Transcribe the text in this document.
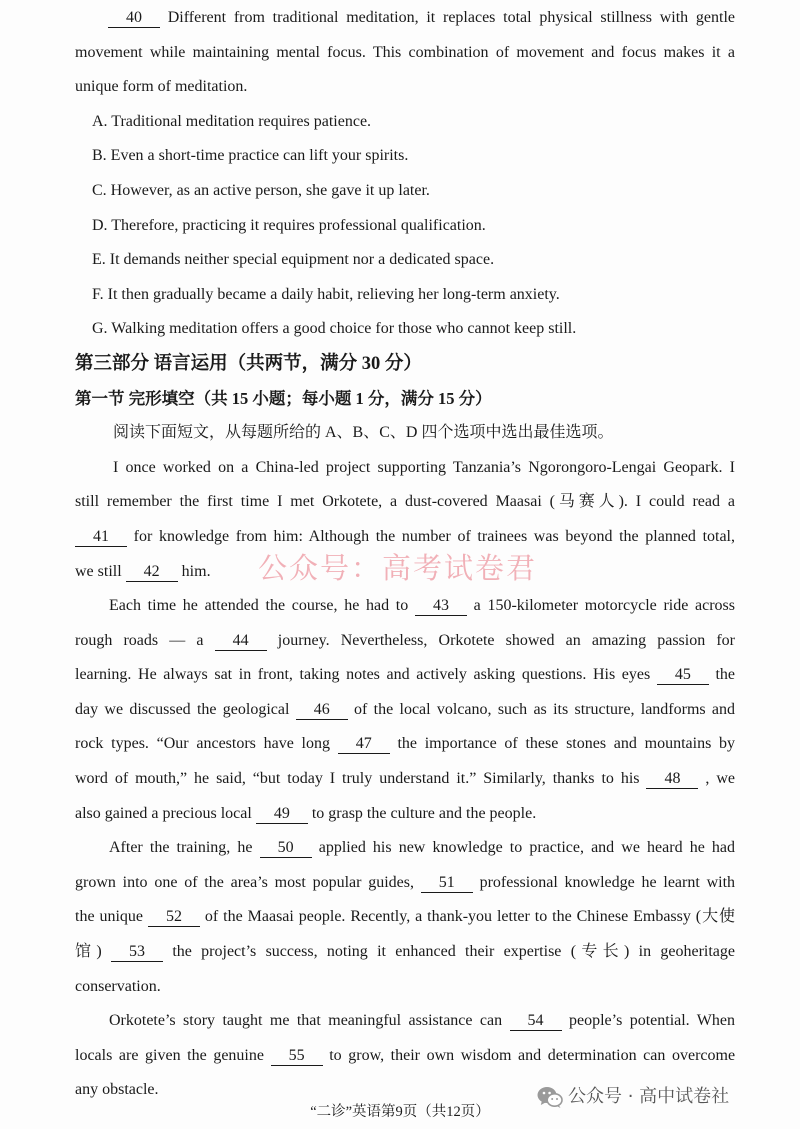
40 Different from traditional meditation, it replaces total physical stillness with gentle
movement while maintaining mental focus. This combination of movement and focus makes it a
unique form of meditation.
A. Traditional meditation requires patience.
B. Even a short-time practice can lift your spirits.
C. However, as an active person, she gave it up later.
D. Therefore, practicing it requires professional qualification.
E. It demands neither special equipment nor a dedicated space.
F. It then gradually became a daily habit, relieving her long-term anxiety.
G. Walking meditation offers a good choice for those who cannot keep still.
第三部分 语言运用（共两节，满分 30 分）
第一节 完形填空（共 15 小题；每小题 1 分，满分 15 分）
阅读下面短文，从每题所给的 A、B、C、D 四个选项中选出最佳选项。
I once worked on a China-led project supporting Tanzania’s Ngorongoro-Lengai Geopark. I
still remember the first time I met Orkotete, a dust-covered Maasai (马赛人). I could read a
41 for knowledge from him: Although the number of trainees was beyond the planned total,
we still 42 him.
Each time he attended the course, he had to 43 a 150-kilometer motorcycle ride across
rough roads — a 44 journey. Nevertheless, Orkotete showed an amazing passion for
learning. He always sat in front, taking notes and actively asking questions. His eyes 45 the
day we discussed the geological 46 of the local volcano, such as its structure, landforms and
rock types. “Our ancestors have long 47 the importance of these stones and mountains by
word of mouth,” he said, “but today I truly understand it.” Similarly, thanks to his 48 , we
also gained a precious local 49 to grasp the culture and the people.
After the training, he 50 applied his new knowledge to practice, and we heard he had
grown into one of the area’s most popular guides, 51 professional knowledge he learnt with
the unique 52 of the Maasai people. Recently, a thank-you letter to the Chinese Embassy (大使
馆) 53 the project’s success, noting it enhanced their expertise (专长) in geoheritage
conservation.
Orkotete’s story taught me that meaningful assistance can 54 people’s potential. When
locals are given the genuine 55 to grow, their own wisdom and determination can overcome
any obstacle.
公众号：高考试卷君
“二诊”英语第9页（共12页）
公众号 · 高中试卷社
